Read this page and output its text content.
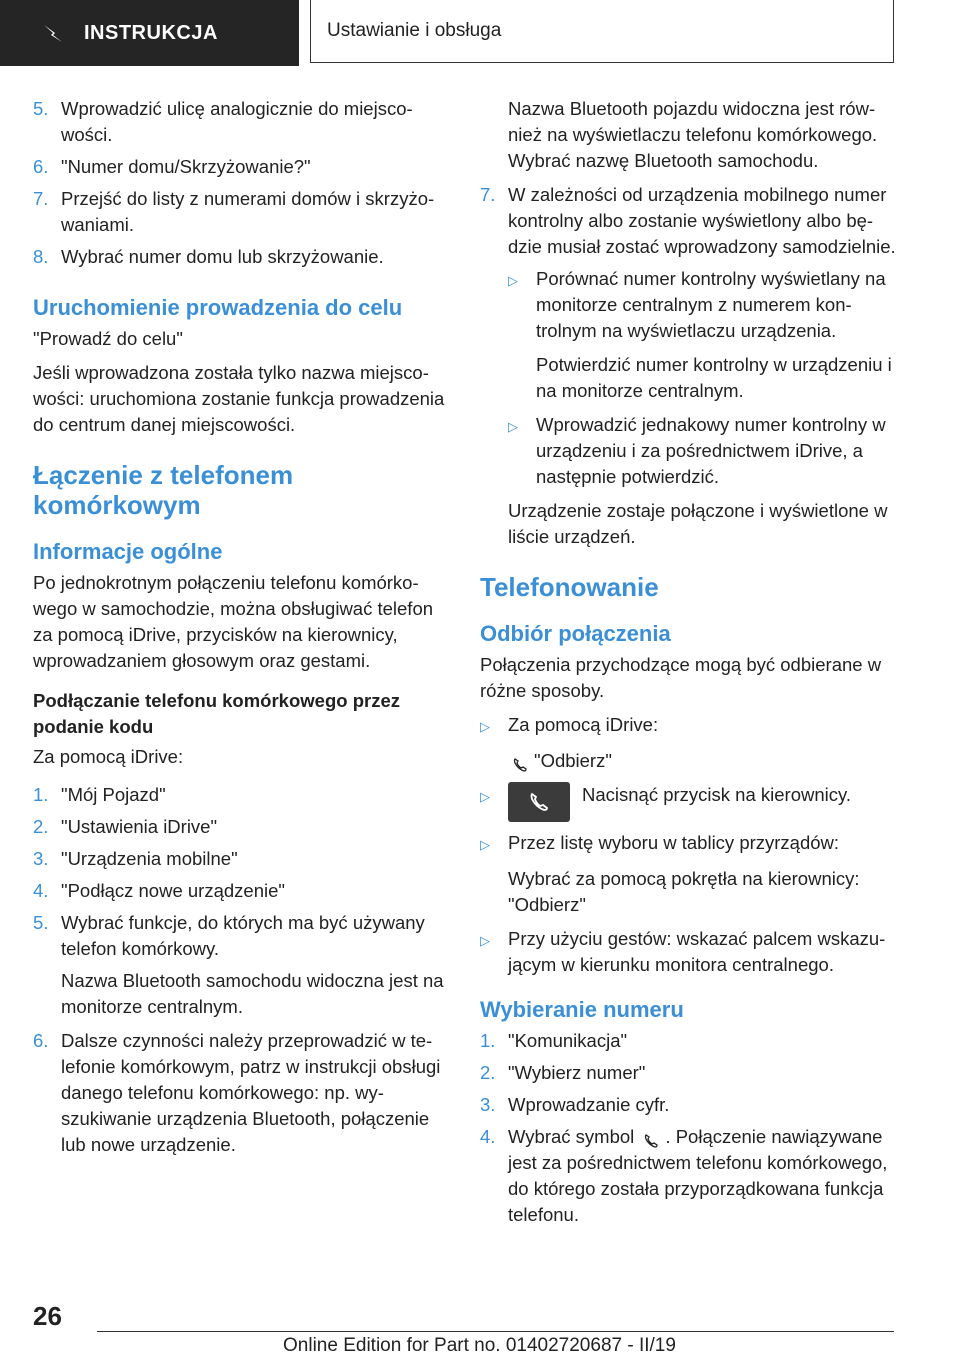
INSTRUKCJA	Ustawianie i obsługa
5. Wprowadzić ulicę analogicznie do miejscowości.
6. "Numer domu/Skrzyżowanie?"
7. Przejść do listy z numerami domów i skrzyżowaniami.
8. Wybrać numer domu lub skrzyżowanie.
Uruchomienie prowadzenia do celu
"Prowadź do celu"
Jeśli wprowadzona została tylko nazwa miejscowości: uruchomiona zostanie funkcja prowadzenia do centrum danej miejscowości.
Łączenie z telefonem
komórkowym
Informacje ogólne
Po jednokrotnym połączeniu telefonu komórkowego w samochodzie, można obsługiwać telefon za pomocą iDrive, przycisków na kierownicy, wprowadzaniem głosowym oraz gestami.
Podłączanie telefonu komórkowego przez podanie kodu
Za pomocą iDrive:
1. "Mój Pojazd"
2. "Ustawienia iDrive"
3. "Urządzenia mobilne"
4. "Podłącz nowe urządzenie"
5. Wybrać funkcje, do których ma być używany telefon komórkowy.
Nazwa Bluetooth samochodu widoczna jest na monitorze centralnym.
6. Dalsze czynności należy przeprowadzić w telefonie komórkowym, patrz w instrukcji obsługi danego telefonu komórkowego: np. wyszukiwanie urządzenia Bluetooth, połączenie lub nowe urządzenie.
Nazwa Bluetooth pojazdu widoczna jest również na wyświetlaczu telefonu komórkowego. Wybrać nazwę Bluetooth samochodu.
7. W zależności od urządzenia mobilnego numer kontrolny albo zostanie wyświetlony albo będzie musiał zostać wprowadzony samodzielnie.
▷ Porównać numer kontrolny wyświetlany na monitorze centralnym z numerem kontrolnym na wyświetlaczu urządzenia.
Potwierdzić numer kontrolny w urządzeniu i na monitorze centralnym.
▷ Wprowadzić jednakowy numer kontrolny w urządzeniu i za pośrednictwem iDrive, a następnie potwierdzić.
Urządzenie zostaje połączone i wyświetlone w liście urządzeń.
Telefonowanie
Odbiór połączenia
Połączenia przychodzące mogą być odbierane w różne sposoby.
▷ Za pomocą iDrive:
"Odbierz"
▷	Nacisnąć przycisk na kierownicy.
▷ Przez listę wyboru w tablicy przyrządów:
Wybrać za pomocą pokrętła na kierownicy: "Odbierz"
▷ Przy użyciu gestów: wskazać palcem wskazującym w kierunku monitora centralnego.
Wybieranie numeru
1. "Komunikacja"
2. "Wybierz numer"
3. Wprowadzanie cyfr.
4. Wybrać symbol . Połączenie nawiązywane jest za pośrednictwem telefonu komórkowego, do którego została przyporządkowana funkcja telefonu.
26
Online Edition for Part no. 01402720687 - II/19
